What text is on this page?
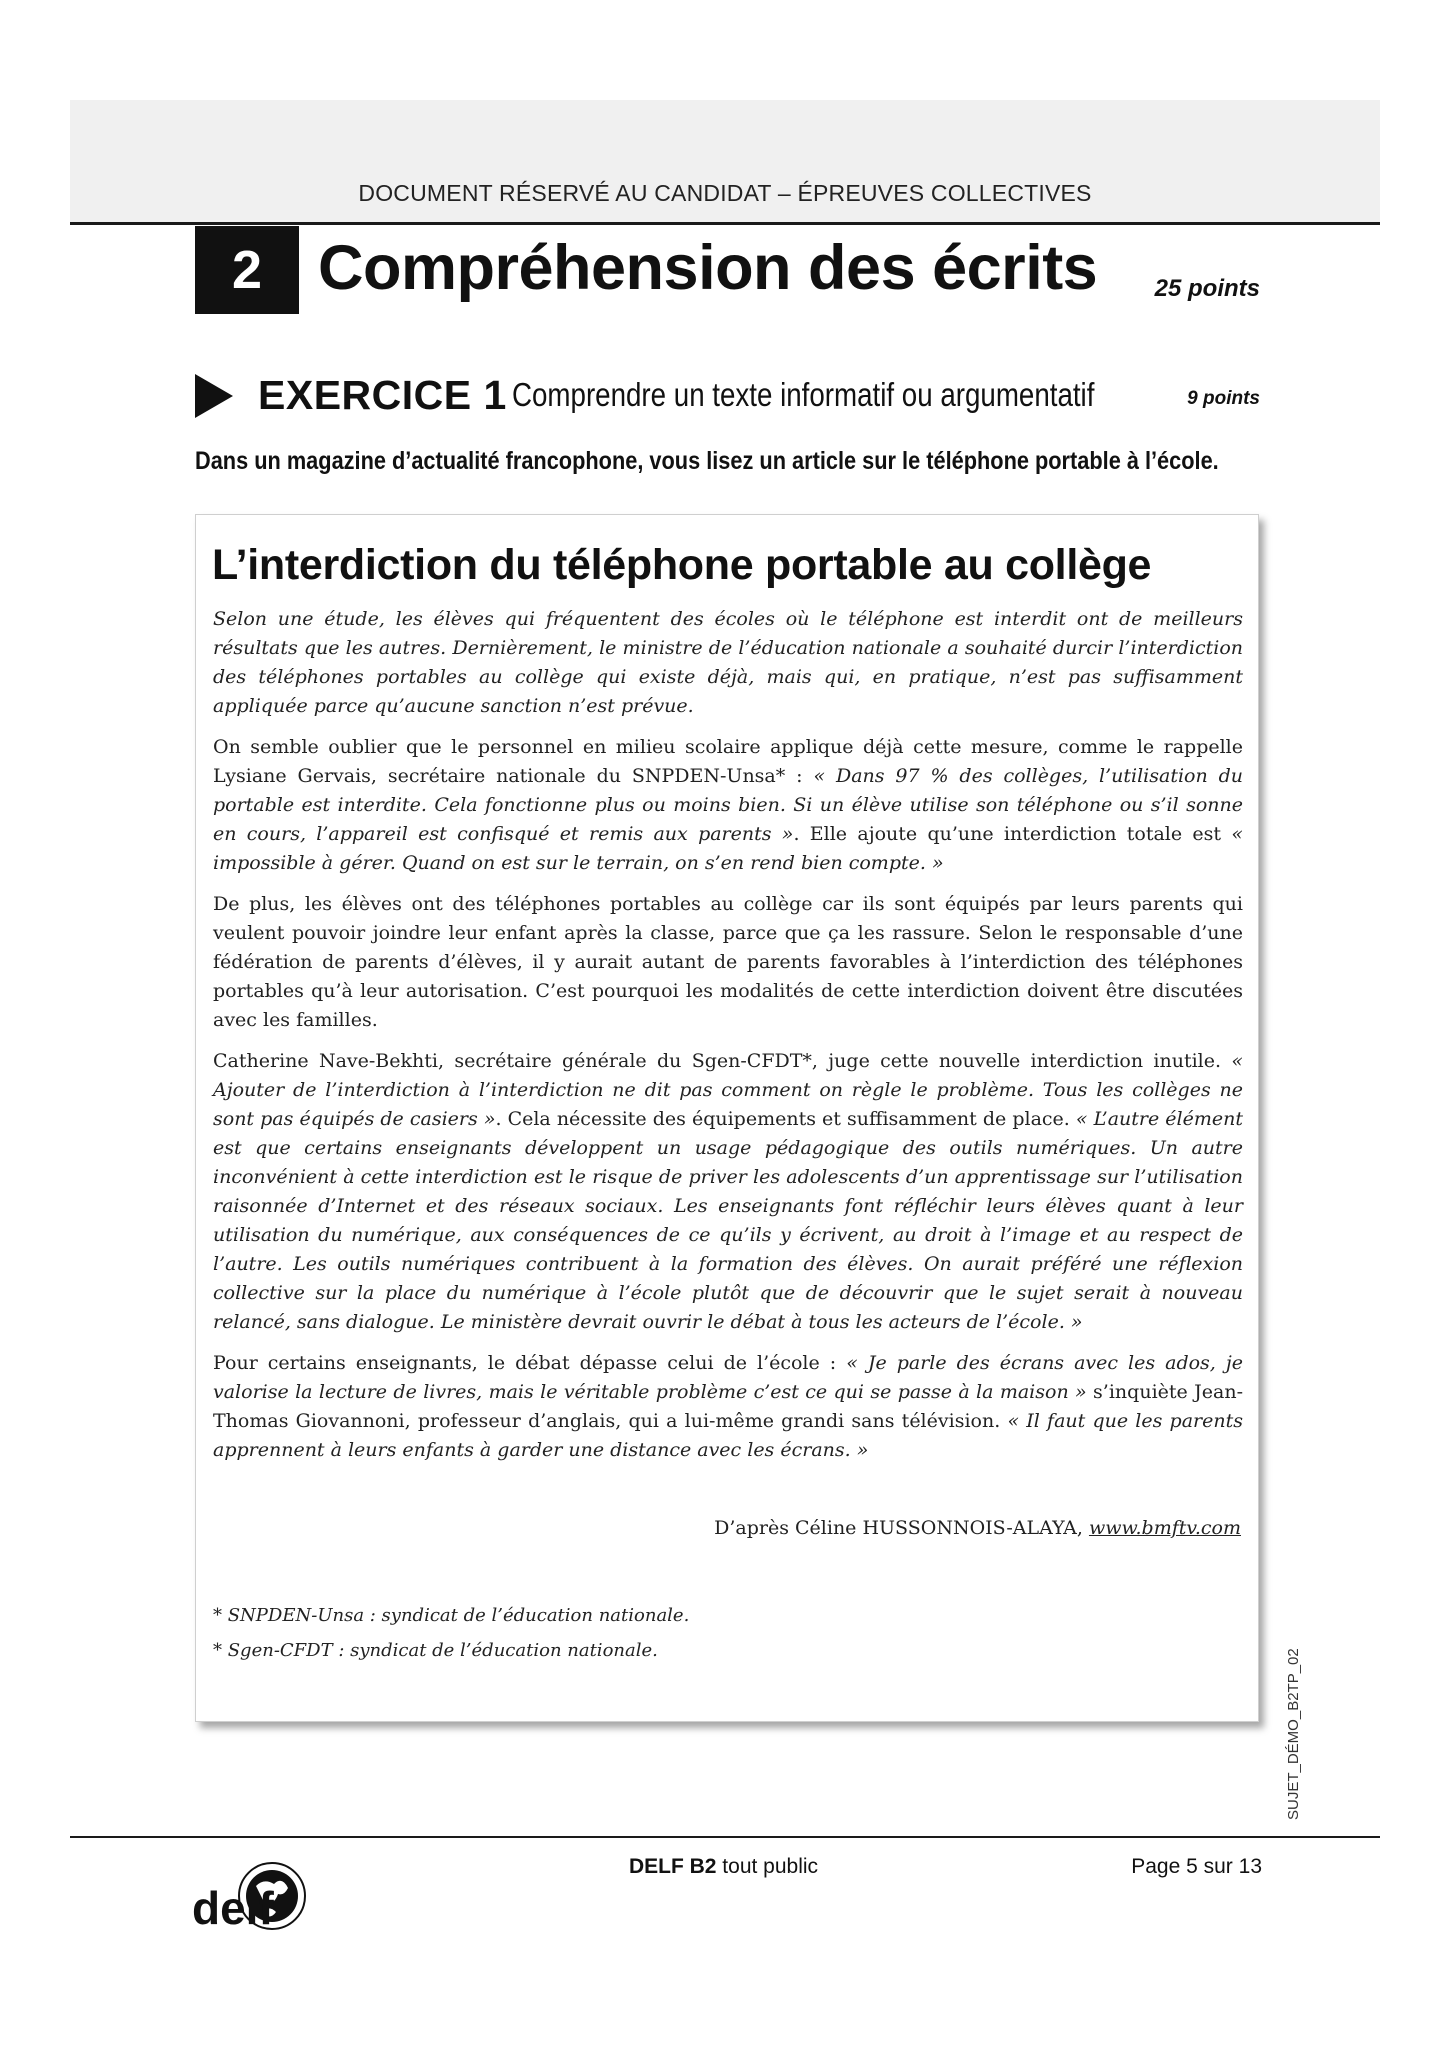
DOCUMENT RÉSERVÉ AU CANDIDAT – ÉPREUVES COLLECTIVES
2 Compréhension des écrits	25 points
EXERCICE 1 Comprendre un texte informatif ou argumentatif	9 points
Dans un magazine d’actualité francophone, vous lisez un article sur le téléphone portable à l’école.
L’interdiction du téléphone portable au collège

Selon une étude, les élèves qui fréquentent des écoles où le téléphone est interdit ont de meilleurs résultats que les autres. Dernièrement, le ministre de l’éducation nationale a souhaité durcir l’interdiction des téléphones portables au collège qui existe déjà, mais qui, en pratique, n’est pas suffisamment appliquée parce qu’aucune sanction n’est prévue.

On semble oublier que le personnel en milieu scolaire applique déjà cette mesure, comme le rappelle Lysiane Gervais, secrétaire nationale du SNPDEN-Unsa* : « Dans 97 % des collèges, l’utilisation du portable est interdite. Cela fonctionne plus ou moins bien. Si un élève utilise son téléphone ou s’il sonne en cours, l’appareil est confisqué et remis aux parents ». Elle ajoute qu’une interdiction totale est « impossible à gérer. Quand on est sur le terrain, on s’en rend bien compte. »

De plus, les élèves ont des téléphones portables au collège car ils sont équipés par leurs parents qui veulent pouvoir joindre leur enfant après la classe, parce que ça les rassure. Selon le responsable d’une fédération de parents d’élèves, il y aurait autant de parents favorables à l’interdiction des téléphones portables qu’à leur autorisation. C’est pourquoi les modalités de cette interdiction doivent être discutées avec les familles.

Catherine Nave-Bekhti, secrétaire générale du Sgen-CFDT*, juge cette nouvelle interdiction inutile. « Ajouter de l’interdiction à l’interdiction ne dit pas comment on règle le problème. Tous les collèges ne sont pas équipés de casiers ». Cela nécessite des équipements et suffisamment de place. « L’autre élément est que certains enseignants développent un usage pédagogique des outils numériques. Un autre inconvénient à cette interdiction est le risque de priver les adolescents d’un apprentissage sur l’utilisation raisonnée d’Internet et des réseaux sociaux. Les enseignants font réfléchir leurs élèves quant à leur utilisation du numérique, aux conséquences de ce qu’ils y écrivent, au droit à l’image et au respect de l’autre. Les outils numériques contribuent à la formation des élèves. On aurait préféré une réflexion collective sur la place du numérique à l’école plutôt que de découvrir que le sujet serait à nouveau relancé, sans dialogue. Le ministère devrait ouvrir le débat à tous les acteurs de l’école. »

Pour certains enseignants, le débat dépasse celui de l’école : « Je parle des écrans avec les ados, je valorise la lecture de livres, mais le véritable problème c’est ce qui se passe à la maison » s’inquiète Jean-Thomas Giovannoni, professeur d’anglais, qui a lui-même grandi sans télévision. « Il faut que les parents apprennent à leurs enfants à garder une distance avec les écrans. »

D’après Céline HUSSONNOIS-ALAYA, www.bmftv.com
* SNPDEN-Unsa : syndicat de l’éducation nationale.
* Sgen-CFDT : syndicat de l’éducation nationale.	SUJET_DÉMO_B2TP_02
delf
DELF B2 tout public	Page 5 sur 13
